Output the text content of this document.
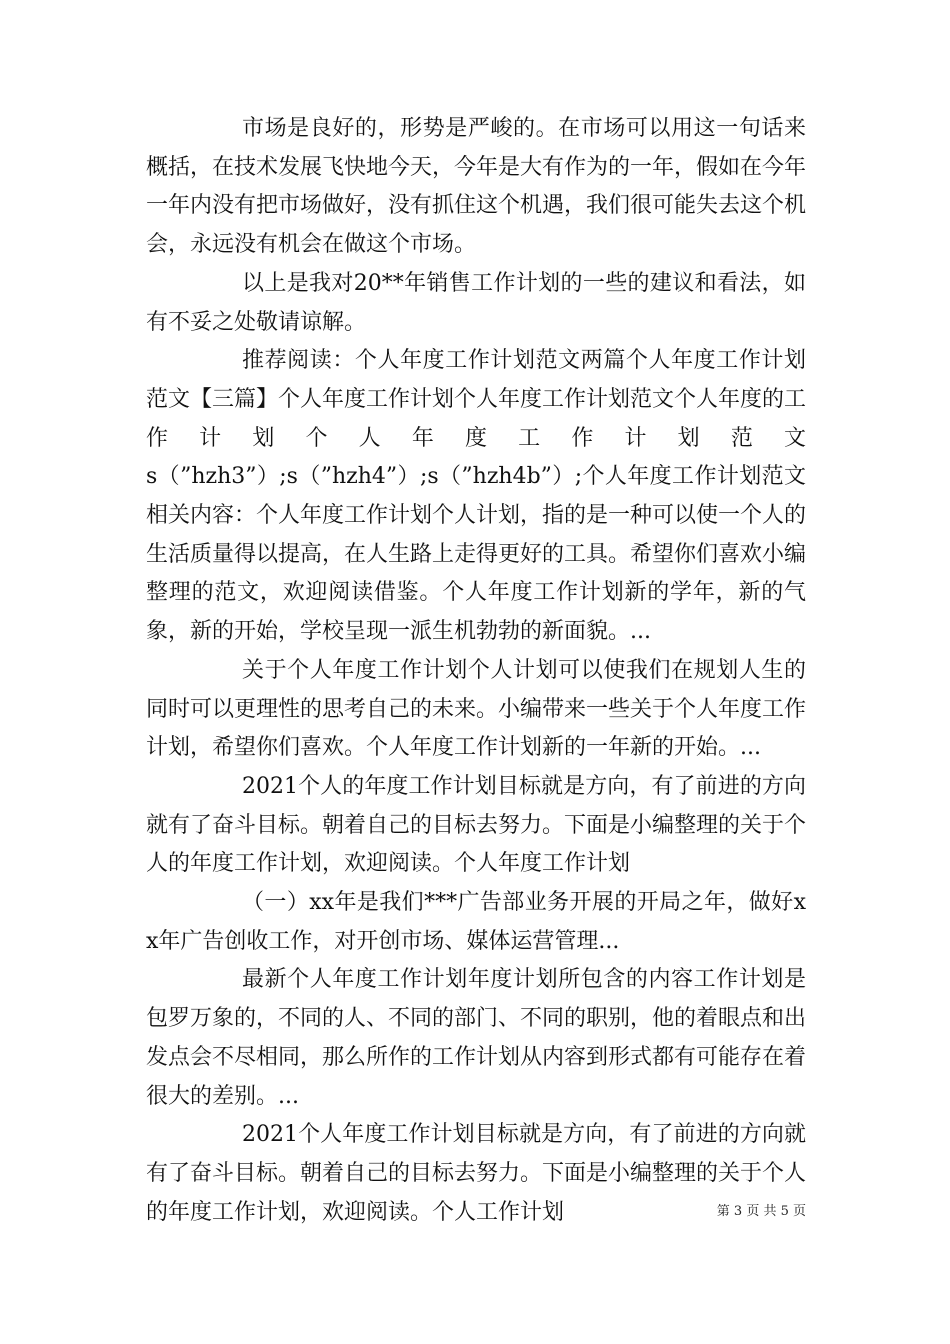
市场是良好的，形势是严峻的。在市场可以用这一句话来概括，在技术发展飞快地今天，今年是大有作为的一年，假如在今年一年内没有把市场做好，没有抓住这个机遇，我们很可能失去这个机会，永远没有机会在做这个市场。

以上是我对20**年销售工作计划的一些的建议和看法，如有不妥之处敬请谅解。

推荐阅读：个人年度工作计划范文两篇个人年度工作计划范文【三篇】个人年度工作计划个人年度工作计划范文个人年度的工作计划个人年度工作计划范文

s（”hzh3”）;s（”hzh4”）;s（”hzh4b”）;个人年度工作计划范文相关内容：个人年度工作计划个人计划，指的是一种可以使一个人的生活质量得以提高，在人生路上走得更好的工具。希望你们喜欢小编整理的范文，欢迎阅读借鉴。个人年度工作计划新的学年，新的气象，新的开始，学校呈现一派生机勃勃的新面貌。...

关于个人年度工作计划个人计划可以使我们在规划人生的同时可以更理性的思考自己的未来。小编带来一些关于个人年度工作计划，希望你们喜欢。个人年度工作计划新的一年新的开始。...

2021个人的年度工作计划目标就是方向，有了前进的方向就有了奋斗目标。朝着自己的目标去努力。下面是小编整理的关于个人的年度工作计划，欢迎阅读。个人年度工作计划

（一）xx年是我们***广告部业务开展的开局之年，做好xx年广告创收工作，对开创市场、媒体运营管理...

最新个人年度工作计划年度计划所包含的内容工作计划是包罗万象的，不同的人、不同的部门、不同的职别，他的着眼点和出发点会不尽相同，那么所作的工作计划从内容到形式都有可能存在着很大的差别。...

2021个人年度工作计划目标就是方向，有了前进的方向就有了奋斗目标。朝着自己的目标去努力。下面是小编整理的关于个人的年度工作计划，欢迎阅读。个人工作计划	第 3 页 共 5 页
